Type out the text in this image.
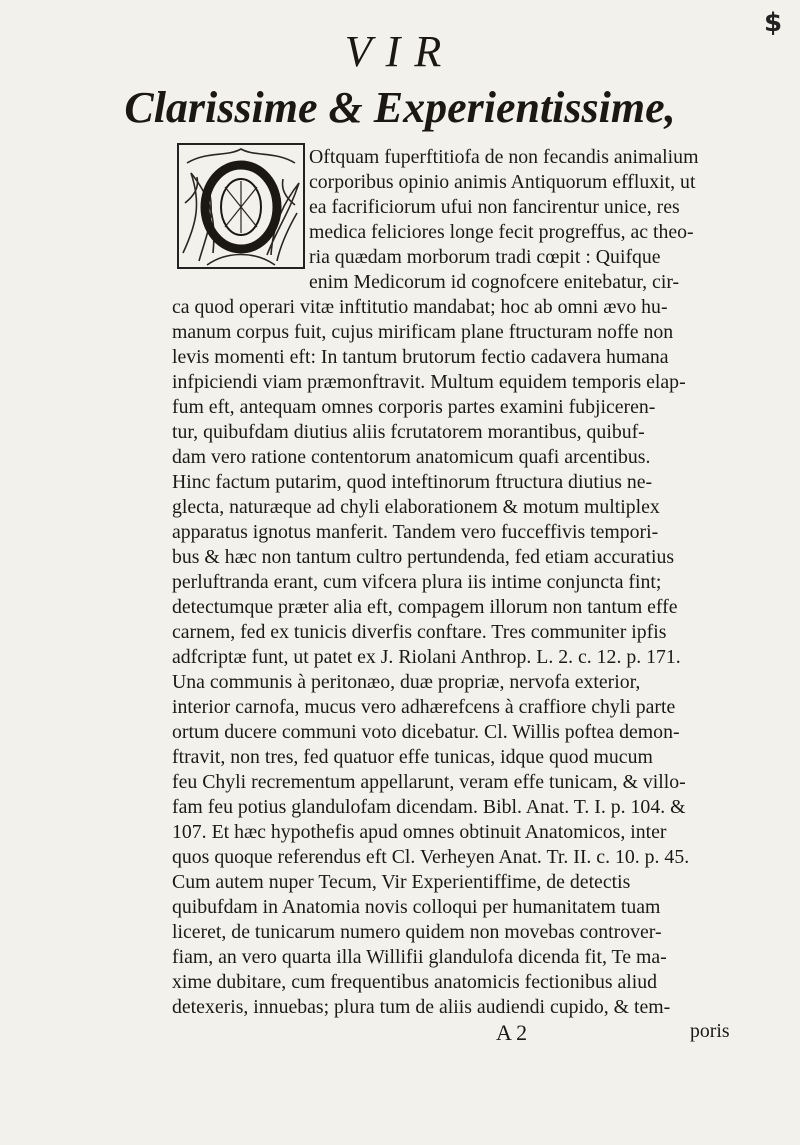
$
VIR
Clarissime & Experientissime,
Oftquam fuperftitiofa de non fecandis animalium
corporibus opinio animis Antiquorum effluxit, ut
ea facrificiorum ufui non fancirentur unice, res
medica feliciores longe fecit progreffus, ac theo-
ria quædam morborum tradi cœpit : Quifque
enim Medicorum id cognofcere enitebatur, cir-
ca quod operari vitæ inftitutio mandabat; hoc ab omni ævo hu-
manum corpus fuit, cujus mirificam plane ftructuram noffe non
levis momenti eft: In tantum brutorum fectio cadavera humana
infpiciendi viam præmonftravit. Multum equidem temporis elap-
fum eft, antequam omnes corporis partes examini fubjiceren-
tur, quibufdam diutius aliis fcrutatorem morantibus, quibuf-
dam vero ratione contentorum anatomicum quafi arcentibus.
Hinc factum putarim, quod inteftinorum ftructura diutius ne-
glecta, naturæque ad chyli elaborationem & motum multiplex
apparatus ignotus manferit. Tandem vero fucceffivis tempori-
bus & hæc non tantum cultro pertundenda, fed etiam accuratius
perluftranda erant, cum vifcera plura iis intime conjuncta fint;
detectumque præter alia eft, compagem illorum non tantum effe
carnem, fed ex tunicis diverfis conftare. Tres communiter ipfis
adfcriptæ funt, ut patet ex J. Riolani Anthrop. L. 2. c. 12. p. 171.
Una communis à peritonæo, duæ propriæ, nervofa exterior,
interior carnofa, mucus vero adhærefcens à craffiore chyli parte
ortum ducere communi voto dicebatur. Cl. Willis poftea demon-
ftravit, non tres, fed quatuor effe tunicas, idque quod mucum
feu Chyli recrementum appellarunt, veram effe tunicam, & villo-
fam feu potius glandulofam dicendam. Bibl. Anat. T. I. p. 104. &
107. Et hæc hypothefis apud omnes obtinuit Anatomicos, inter
quos quoque referendus eft Cl. Verheyen Anat. Tr. II. c. 10. p. 45.
Cum autem nuper Tecum, Vir Experientiffime, de detectis
quibufdam in Anatomia novis colloqui per humanitatem tuam
liceret, de tunicarum numero quidem non movebas controver-
fiam, an vero quarta illa Willifii glandulofa dicenda fit, Te ma-
xime dubitare, cum frequentibus anatomicis fectionibus aliud
detexeris, innuebas; plura tum de aliis audiendi cupido, & tem-
A 2	poris
